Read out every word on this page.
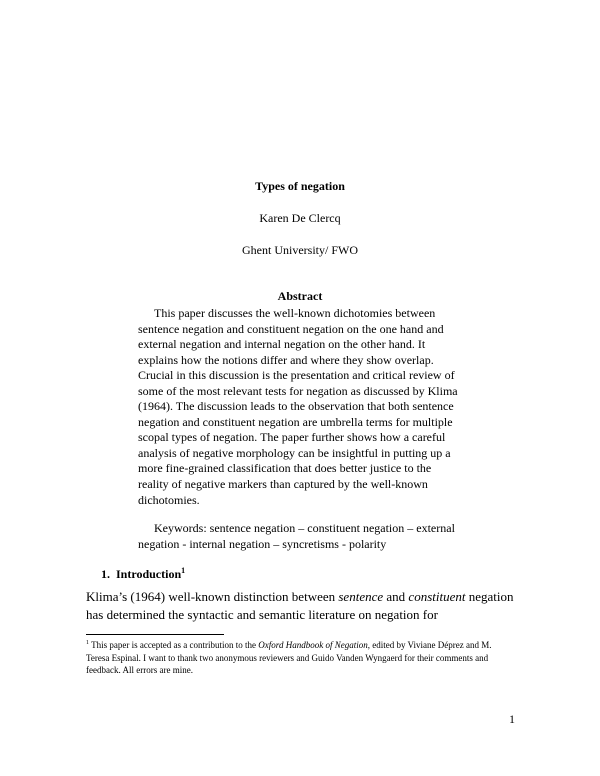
Types of negation
Karen De Clercq
Ghent University/ FWO
Abstract

This paper discusses the well-known dichotomies between sentence negation and constituent negation on the one hand and external negation and internal negation on the other hand. It explains how the notions differ and where they show overlap. Crucial in this discussion is the presentation and critical review of some of the most relevant tests for negation as discussed by Klima (1964). The discussion leads to the observation that both sentence negation and constituent negation are umbrella terms for multiple scopal types of negation. The paper further shows how a careful analysis of negative morphology can be insightful in putting up a more fine-grained classification that does better justice to the reality of negative markers than captured by the well-known dichotomies.

Keywords: sentence negation – constituent negation – external negation - internal negation – syncretisms - polarity
1. Introduction$^1$
Klima’s (1964) well-known distinction between sentence and constituent negation has determined the syntactic and semantic literature on negation for
$^1$ This paper is accepted as a contribution to the Oxford Handbook of Negation, edited by Viviane Déprez and M. Teresa Espinal. I want to thank two anonymous reviewers and Guido Vanden Wyngaerd for their comments and feedback. All errors are mine.
1
